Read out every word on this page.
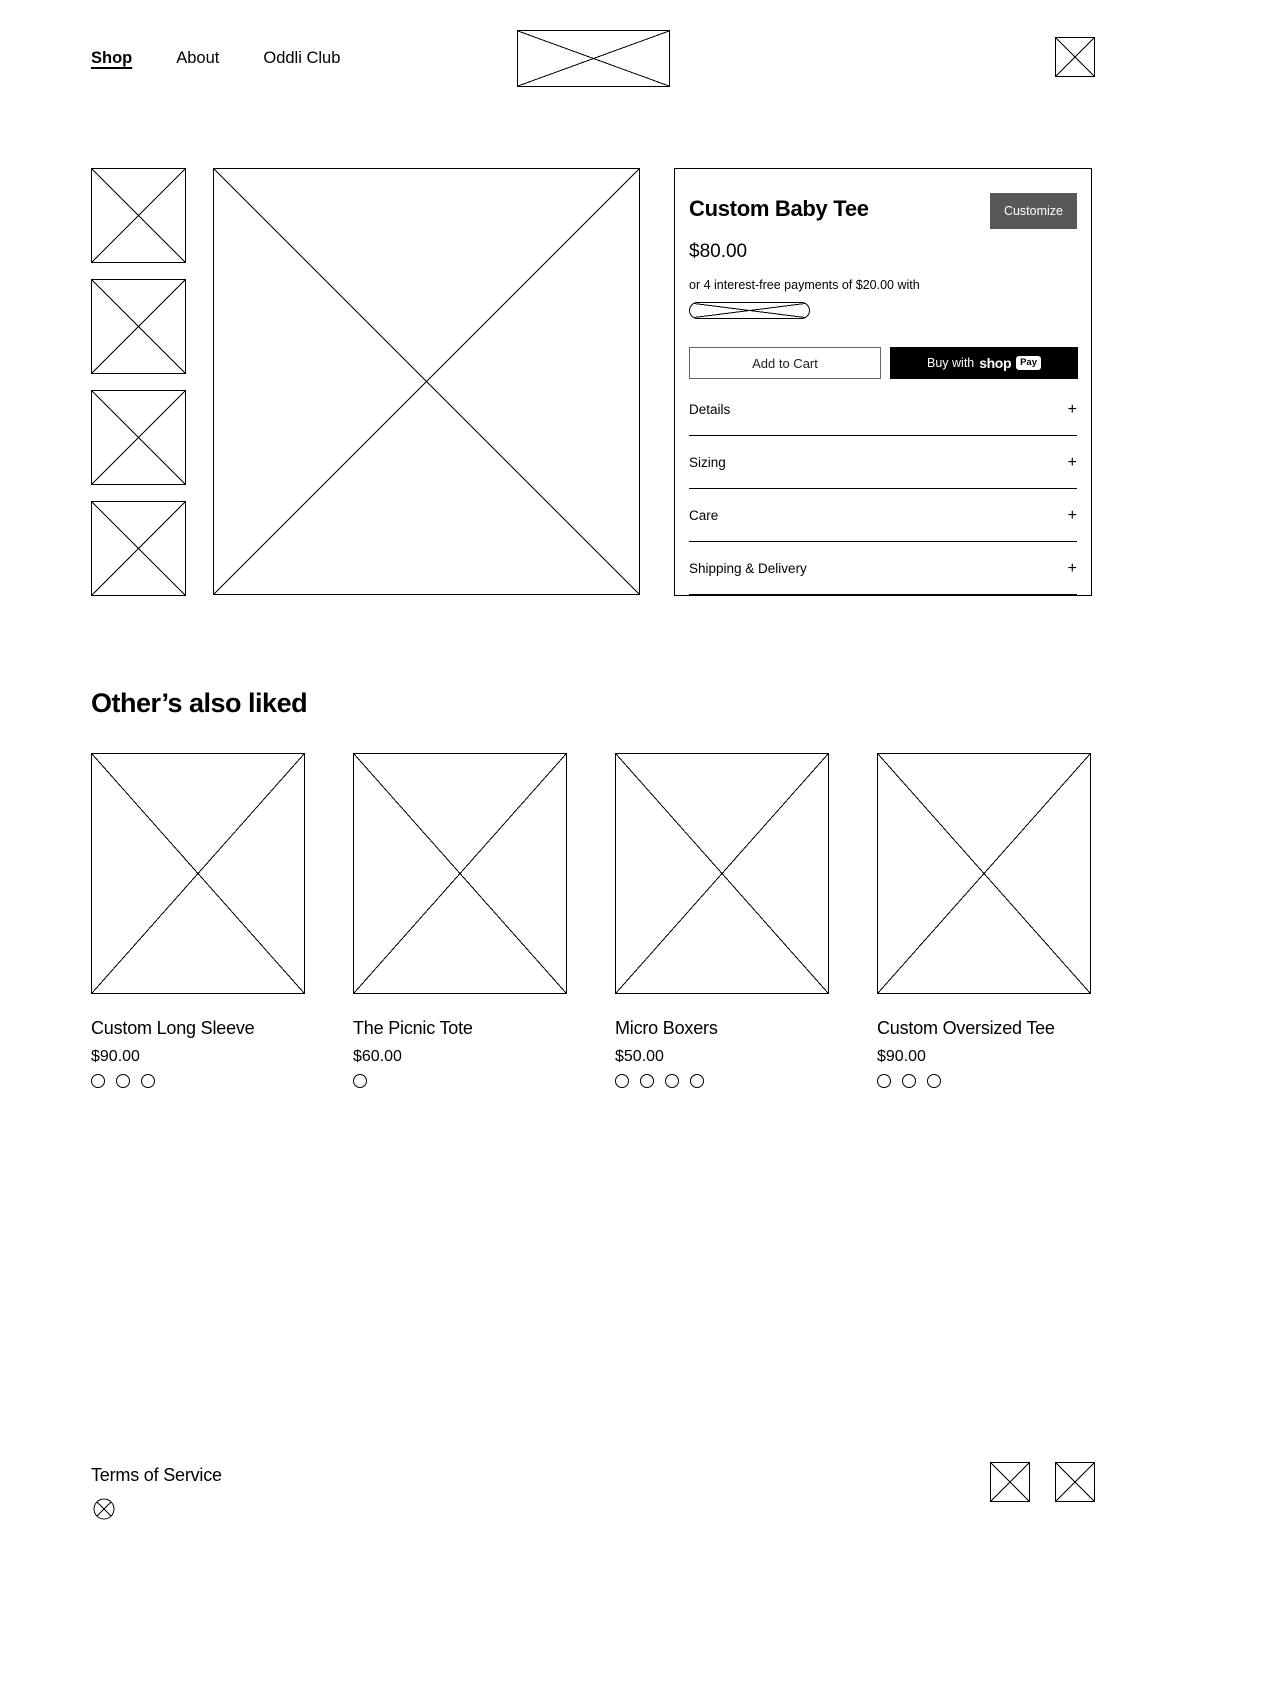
Shop	About	Oddli Club
Custom Baby Tee	Customize
$80.00
or 4 interest-free payments of $20.00 with
Add to Cart	Buy with shop Pay
Details	+
Sizing	+
Care	+
Shipping & Delivery	+
Other’s also liked
Custom Long Sleeve
$90.00
The Picnic Tote
$60.00
Micro Boxers
$50.00
Custom Oversized Tee
$90.00
Terms of Service
